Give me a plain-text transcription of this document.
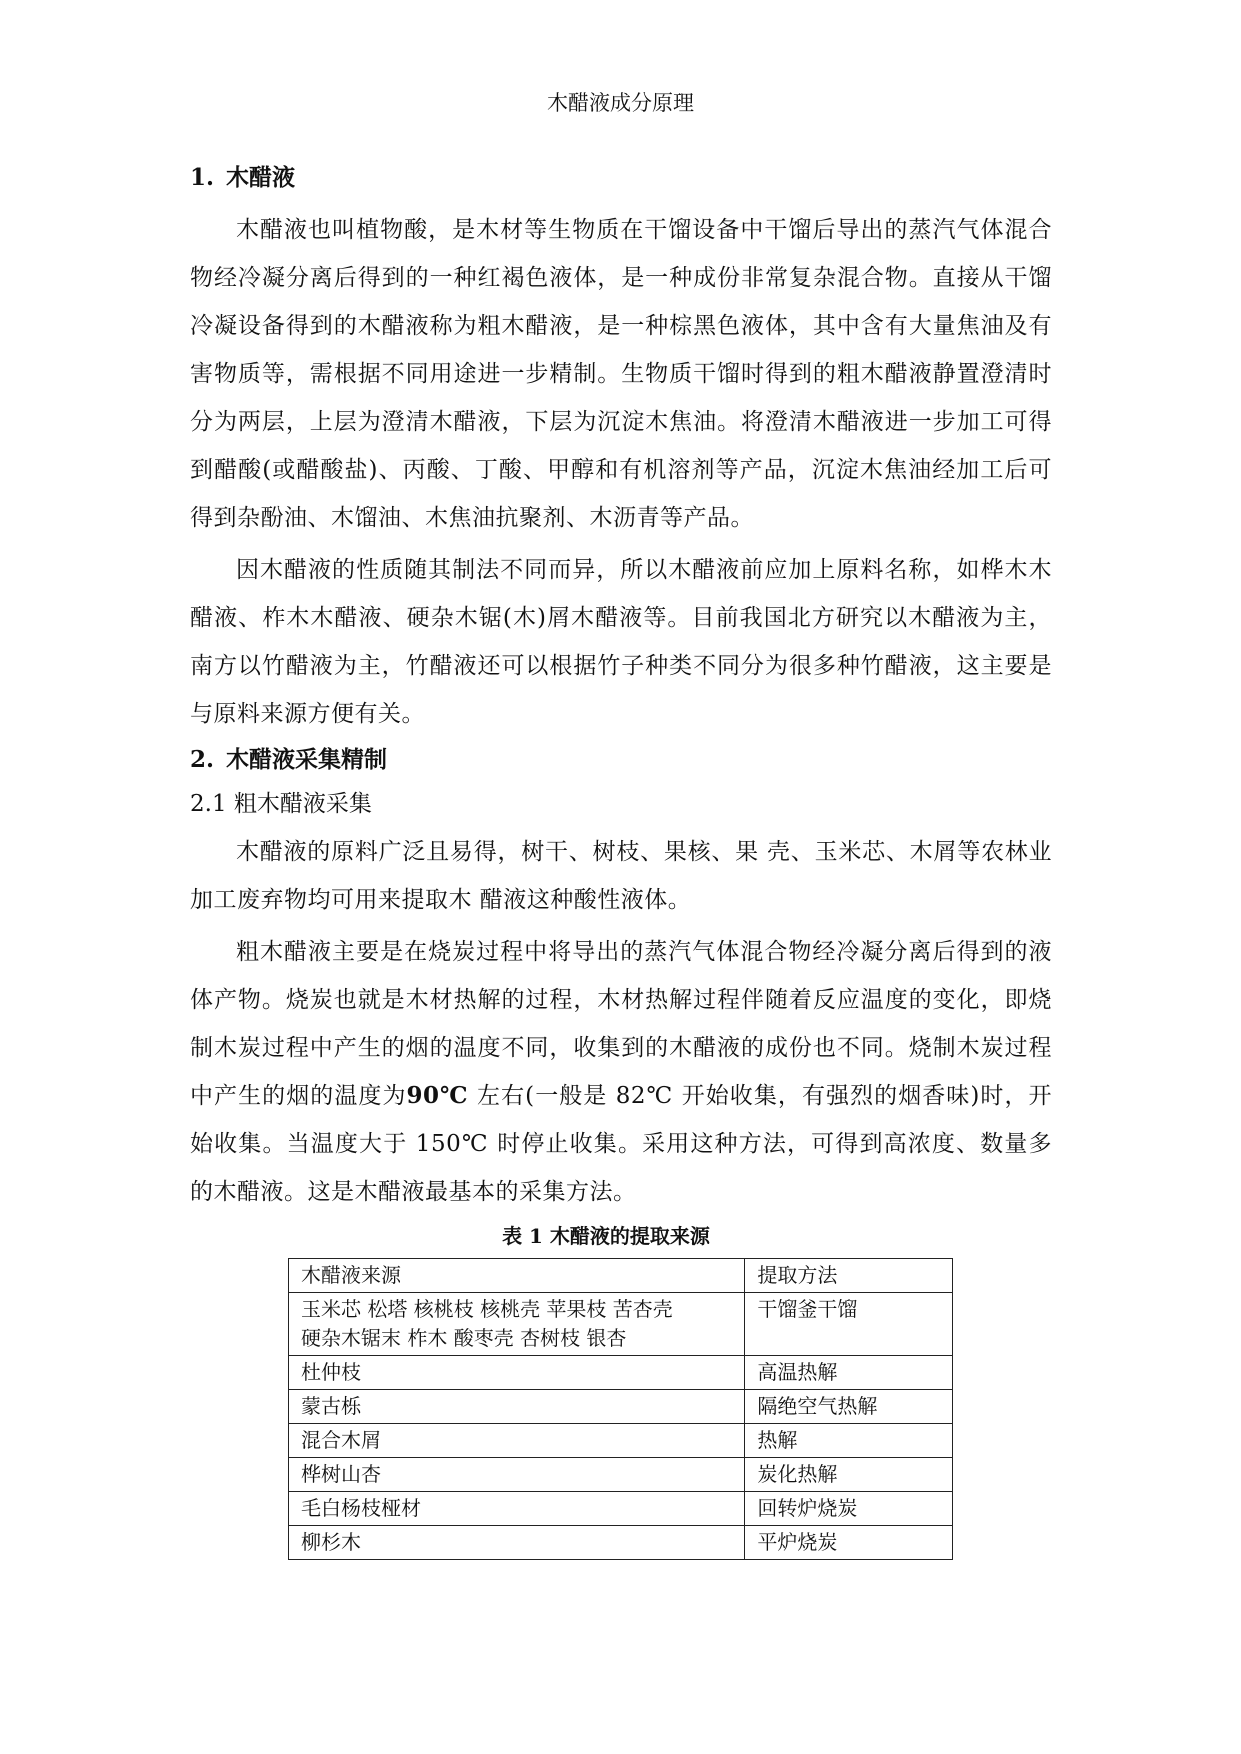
木醋液成分原理
1. 木醋液

木醋液也叫植物酸，是木材等生物质在干馏设备中干馏后导出的蒸汽气体混合物经冷凝分离后得到的一种红褐色液体，是一种成份非常复杂混合物。直接从干馏冷凝设备得到的木醋液称为粗木醋液，是一种棕黑色液体，其中含有大量焦油及有害物质等，需根据不同用途进一步精制。生物质干馏时得到的粗木醋液静置澄清时分为两层，上层为澄清木醋液，下层为沉淀木焦油。将澄清木醋液进一步加工可得到醋酸(或醋酸盐)、丙酸、丁酸、甲醇和有机溶剂等产品，沉淀木焦油经加工后可得到杂酚油、木馏油、木焦油抗聚剂、木沥青等产品。

因木醋液的性质随其制法不同而异，所以木醋液前应加上原料名称，如桦木木醋液、柞木木醋液、硬杂木锯(木)屑木醋液等。目前我国北方研究以木醋液为主，南方以竹醋液为主，竹醋液还可以根据竹子种类不同分为很多种竹醋液，这主要是与原料来源方便有关。

2. 木醋液采集精制
2.1 粗木醋液采集

木醋液的原料广泛且易得，树干、树枝、果核、果 壳、玉米芯、木屑等农林业加工废弃物均可用来提取木 醋液这种酸性液体。

粗木醋液主要是在烧炭过程中将导出的蒸汽气体混合物经冷凝分离后得到的液体产物。烧炭也就是木材热解的过程，木材热解过程伴随着反应温度的变化，即烧制木炭过程中产生的烟的温度不同，收集到的木醋液的成份也不同。烧制木炭过程中产生的烟的温度为90℃ 左右(一般是 82℃ 开始收集，有强烈的烟香味)时，开始收集。当温度大于 150℃ 时停止收集。采用这种方法，可得到高浓度、数量多的木醋液。这是木醋液最基本的采集方法。

表 1 木醋液的提取来源
木醋液来源	提取方法

玉米芯 松塔 核桃枝 核桃壳 苹果枝 苦杏壳
硬杂木锯末 柞木 酸枣壳 杏树枝 银杏	干馏釜干馏
杜仲枝	高温热解
蒙古栎	隔绝空气热解
混合木屑	热解
桦树山杏	炭化热解
毛白杨枝桠材	回转炉烧炭
柳杉木	平炉烧炭
